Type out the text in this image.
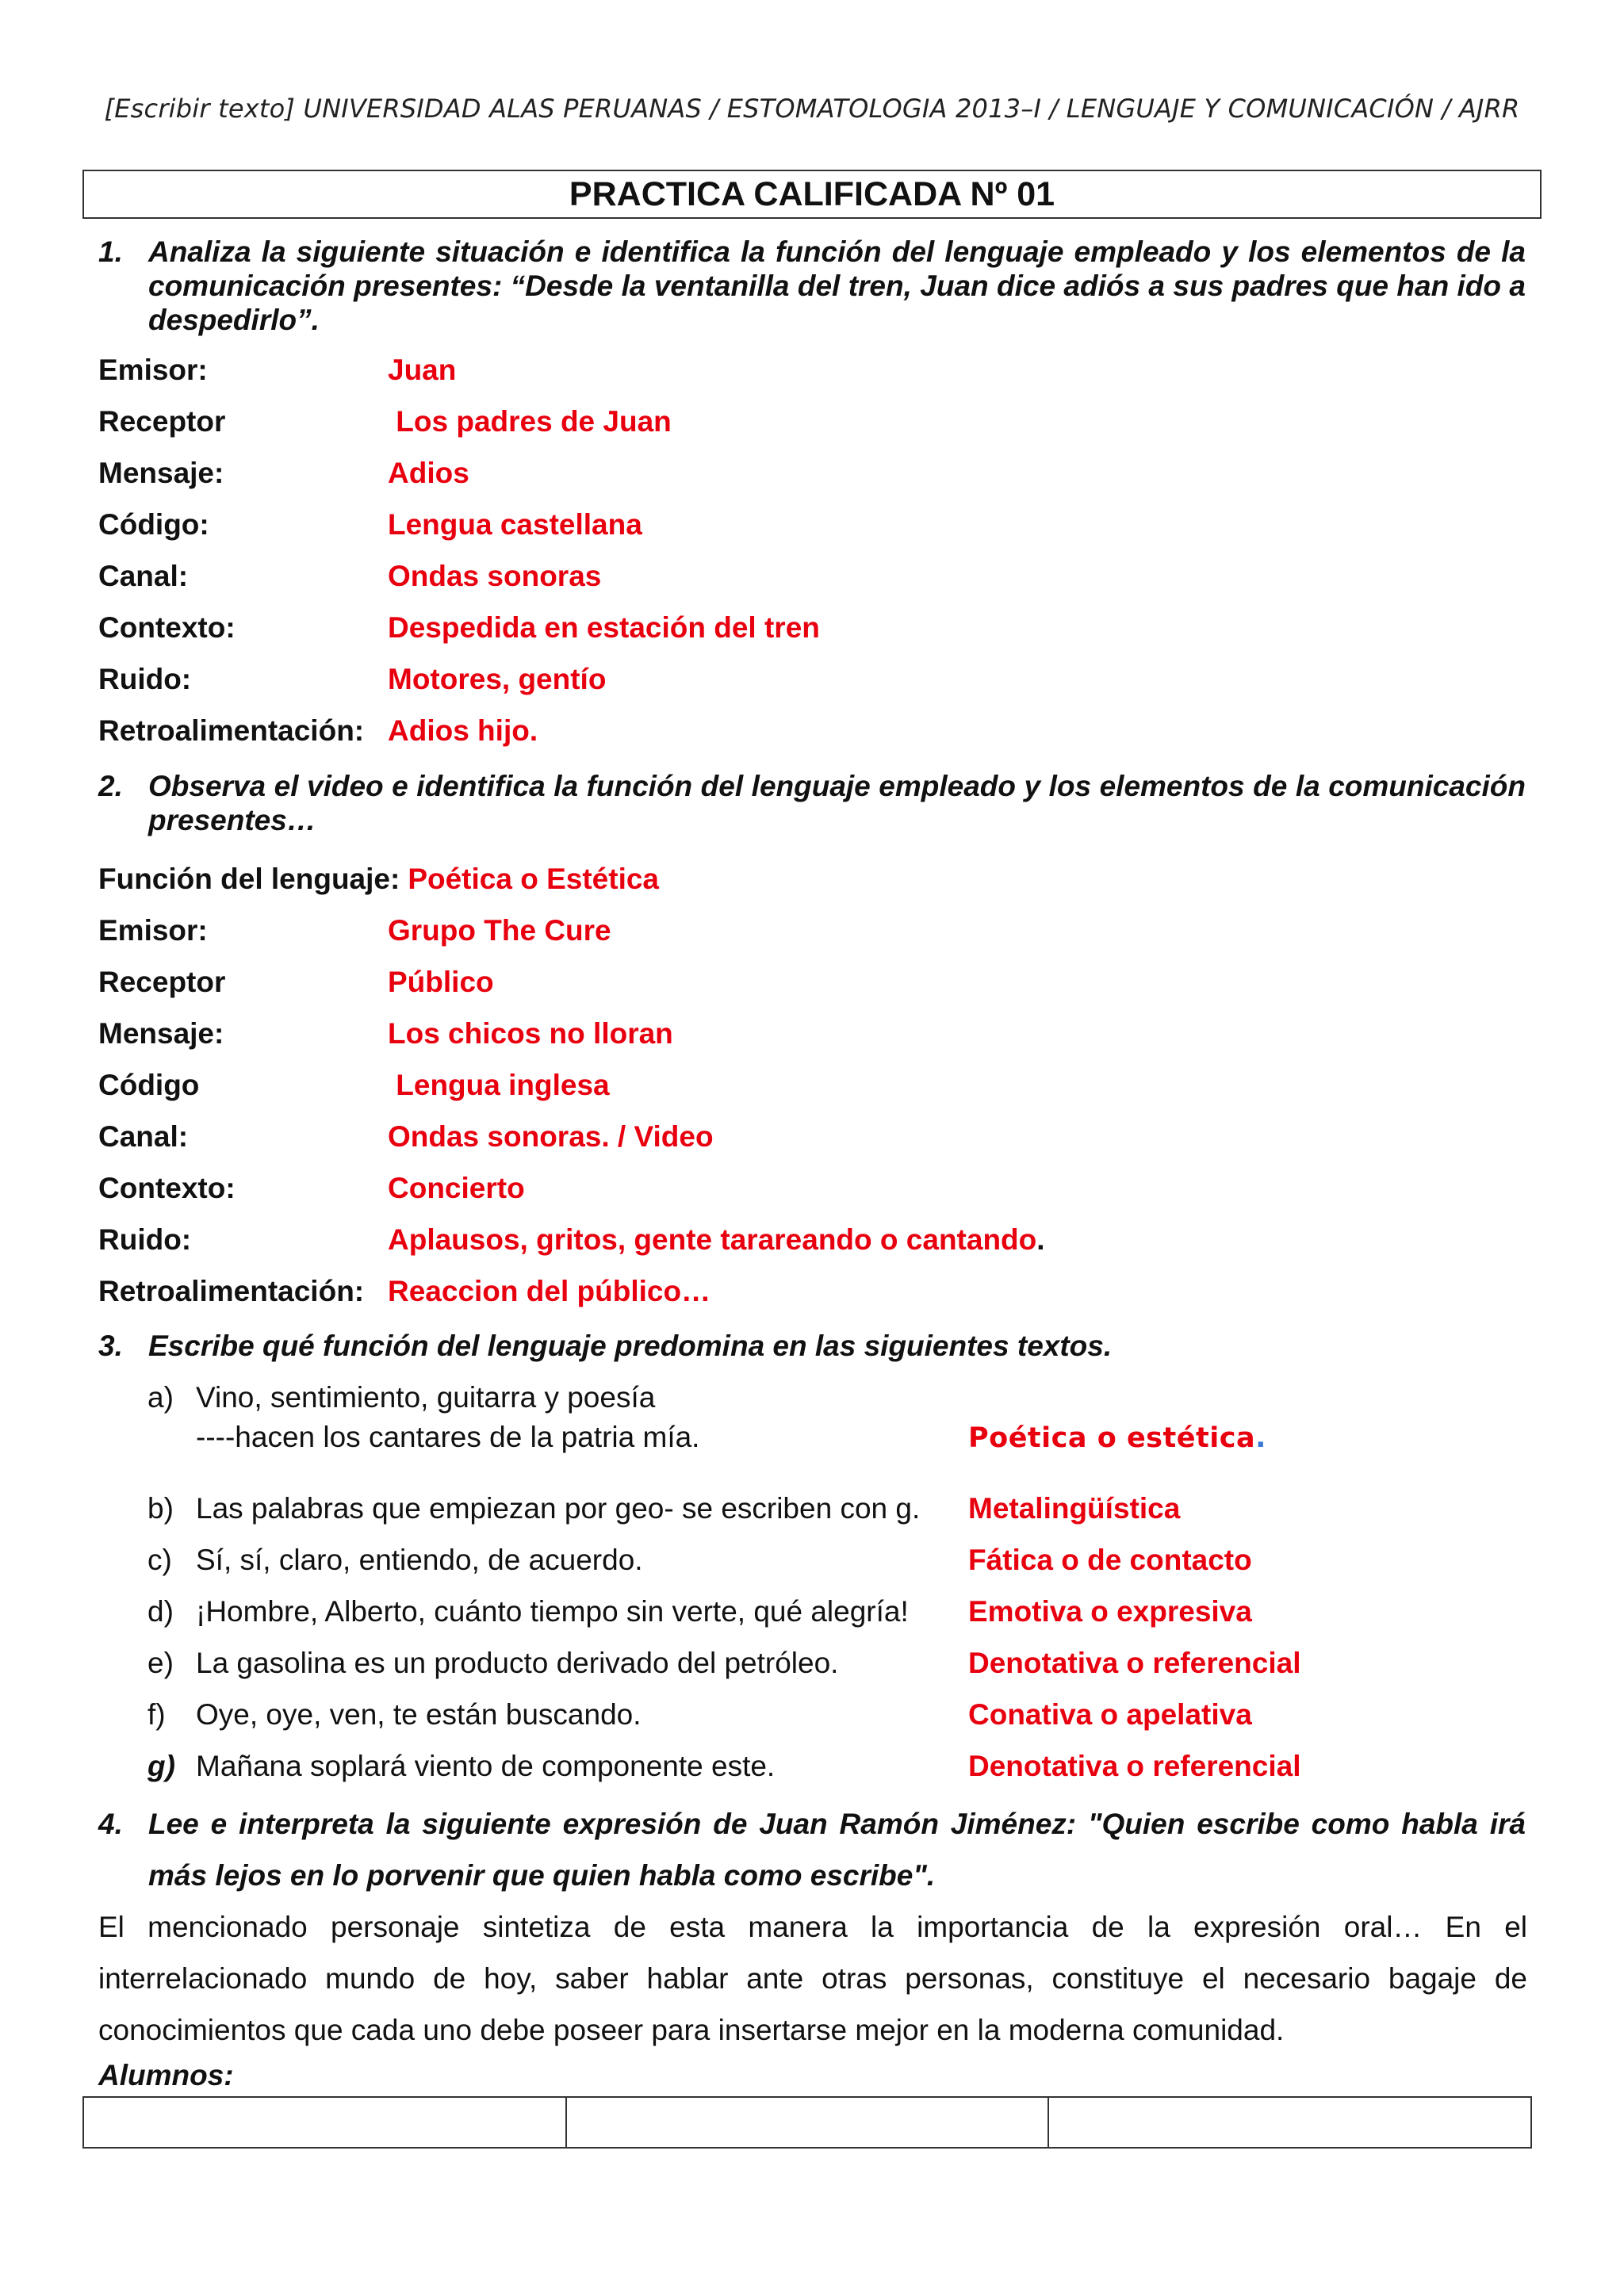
[Escribir texto] UNIVERSIDAD ALAS PERUANAS / ESTOMATOLOGIA 2013–I / LENGUAJE Y COMUNICACIÓN / AJRR
PRACTICA CALIFICADA Nº 01
1. Analiza la siguiente situación e identifica la función del lenguaje empleado y los elementos de la comunicación presentes: “Desde la ventanilla del tren, Juan dice adiós a sus padres que han ido a despedirlo”.
Emisor:	Juan
Receptor	Los padres de Juan
Mensaje:	Adios
Código:	Lengua castellana
Canal:	Ondas sonoras
Contexto:	Despedida en estación del tren
Ruido:	Motores, gentío
Retroalimentación: Adios hijo.
2. Observa el video e identifica la función del lenguaje empleado y los elementos de la comunicación presentes…
Función del lenguaje: Poética o Estética
Emisor:	Grupo The Cure
Receptor	Público
Mensaje:	Los chicos no lloran
Código	Lengua inglesa
Canal:	Ondas sonoras. / Video
Contexto:	Concierto
Ruido:	Aplausos, gritos, gente tarareando o cantando.
Retroalimentación: Reaccion del público…
3. Escribe qué función del lenguaje predomina en las siguientes textos.
a) Vino, sentimiento, guitarra y poesía
----hacen los cantares de la patria mía.	Poética o estética.
b) Las palabras que empiezan por geo- se escriben con g. Metalingüística
c) Sí, sí, claro, entiendo, de acuerdo.	Fática o de contacto
d) ¡Hombre, Alberto, cuánto tiempo sin verte, qué alegría! Emotiva o expresiva
e) La gasolina es un producto derivado del petróleo.	Denotativa o referencial
f) Oye, oye, ven, te están buscando.	Conativa o apelativa
g) Mañana soplará viento de componente este.	Denotativa o referencial
4. Lee e interpreta la siguiente expresión de Juan Ramón Jiménez: "Quien escribe como habla irá más lejos en lo porvenir que quien habla como escribe".
El mencionado personaje sintetiza de esta manera la importancia de la expresión oral… En el interrelacionado mundo de hoy, saber hablar ante otras personas, constituye el necesario bagaje de conocimientos que cada uno debe poseer para insertarse mejor en la moderna comunidad.
Alumnos:
